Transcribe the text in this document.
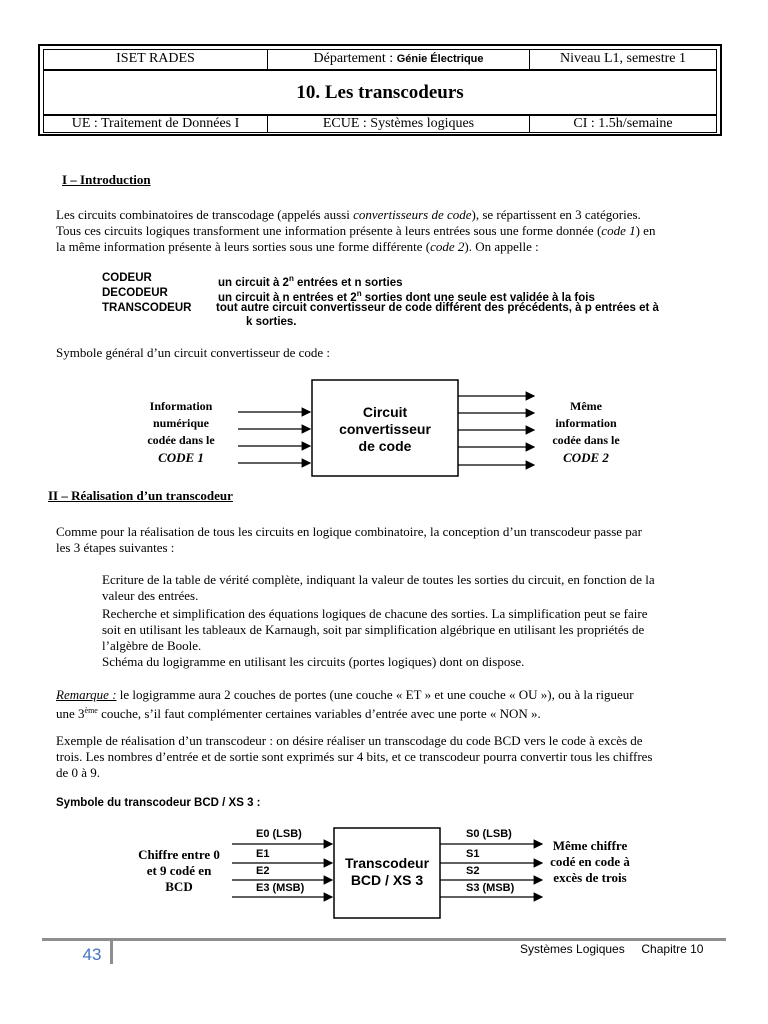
ISET RADES	Département : Génie Électrique	Niveau L1, semestre 1
10. Les transcodeurs
UE : Traitement de Données I	ECUE : Systèmes logiques	CI : 1.5h/semaine
I – Introduction
Les circuits combinatoires de transcodage (appelés aussi convertisseurs de code), se répartissent en 3 catégories.
Tous ces circuits logiques transforment une information présente à leurs entrées sous une forme donnée (code 1) en
la même information présente à leurs sorties sous une forme différente (code 2). On appelle :
CODEUR	un circuit à 2$^n$ entrées et n sorties
DECODEUR	un circuit à n entrées et 2$^n$ sorties dont une seule est validée à la fois
TRANSCODEUR tout autre circuit convertisseur de code différent des précédents, à p entrées et à
k sorties.
Symbole général d’un circuit convertisseur de code :
Information
numérique
codée dans le
CODE 1
Circuit
convertisseur
de code
Même
information
codée dans le
CODE 2
II – Réalisation d’un transcodeur
Comme pour la réalisation de tous les circuits en logique combinatoire, la conception d’un transcodeur passe par
les 3 étapes suivantes :
Ecriture de la table de vérité complète, indiquant la valeur de toutes les sorties du circuit, en fonction de la
valeur des entrées.
Recherche et simplification des équations logiques de chacune des sorties. La simplification peut se faire
soit en utilisant les tableaux de Karnaugh, soit par simplification algébrique en utilisant les propriétés de
l’algèbre de Boole.
Schéma du logigramme en utilisant les circuits (portes logiques) dont on dispose.
Remarque : le logigramme aura 2 couches de portes (une couche « ET » et une couche « OU »), ou à la rigueur
une 3ème couche, s’il faut complémenter certaines variables d’entrée avec une porte « NON ».
Exemple de réalisation d’un transcodeur : on désire réaliser un transcodage du code BCD vers le code à excès de
trois. Les nombres d’entrée et de sortie sont exprimés sur 4 bits, et ce transcodeur pourra convertir tous les chiffres
de 0 à 9.
Symbole du transcodeur BCD / XS 3 :
Chiffre entre 0
et 9 codé en
BCD
E0 (LSB)
E1
E2
E3 (MSB)
Transcodeur
BCD / XS 3
S0 (LSB)
S1
S2
S3 (MSB)
Même chiffre
codé en code à
excès de trois
43	Systèmes Logiques     Chapitre 10
